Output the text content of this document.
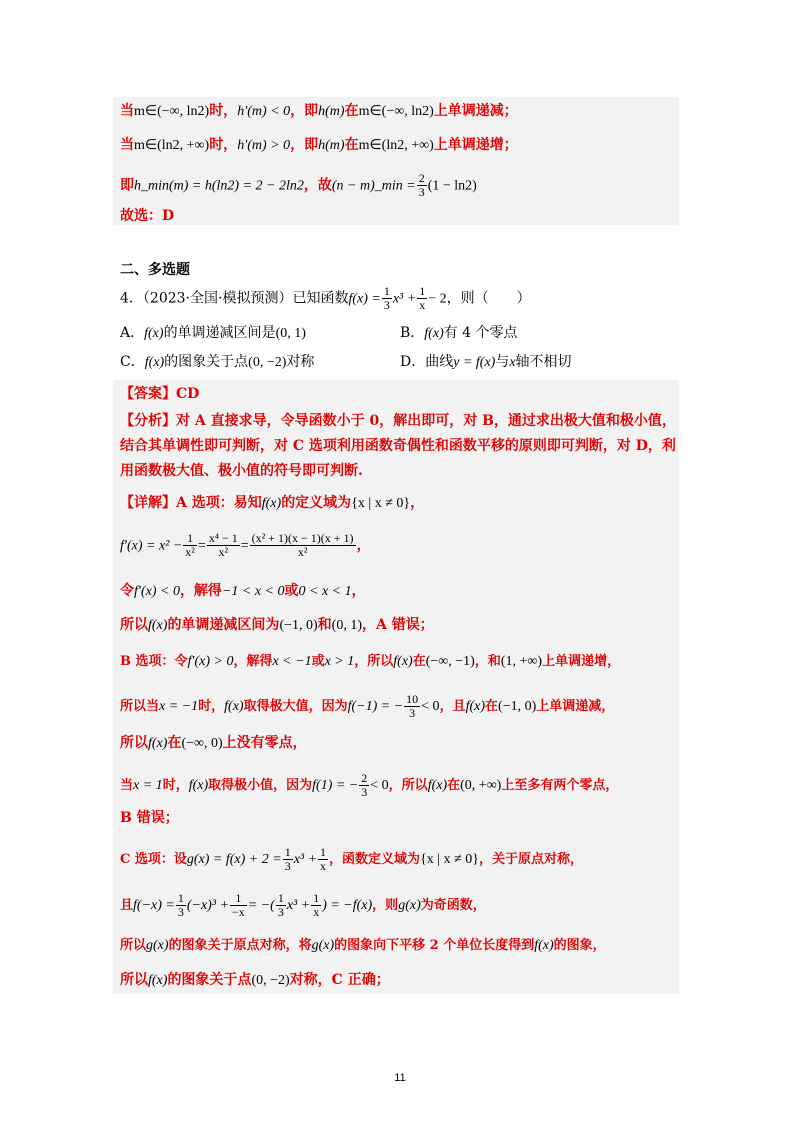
当m∈(−∞, ln2)时，h′(m) < 0，即h(m)在m∈(−∞, ln2)上单调递减；
当m∈(ln2, +∞)时，h′(m) > 0，即h(m)在m∈(ln2, +∞)上单调递增；
即h_min(m) = h(ln2) = 2 − 2ln2，故(n − m)_min = $\frac{2}{3} (1 - \ln 2)$
故选：D
二、多选题
4．（2023·全国·模拟预测）已知函数$f(x) = \frac{1}{3} x^3 + \frac{1}{x} - 2$，则（　　）
A．f(x)的单调递减区间是(0, 1)	B．f(x)有 4 个零点
C．f(x)的图象关于点(0, −2)对称	D．曲线y = f(x)与x轴不相切
【答案】CD
【分析】对 A 直接求导，令导函数小于 0，解出即可，对 B，通过求出极大值和极小值，
结合其单调性即可判断，对 C 选项利用函数奇偶性和函数平移的原则即可判断，对 D，利
用函数极大值、极小值的符号即可判断.
【详解】A 选项：易知f(x)的定义域为{x | x ≠ 0}，
$f'(x) = x^2 - \frac{1}{\text{x²}} = \frac{\text{x⁴ − 1}}{\text{x²}} = \frac{\text{(x² + 1)(x − 1)(x + 1)}}{\text{x²}}$ ，
令f′(x) < 0，解得−1 < x < 0或0 < x < 1，
所以f(x)的单调递减区间为(−1, 0)和(0, 1)，A 错误；
B 选项：令f′(x) > 0，解得x < −1或x > 1，所以f(x)在(−∞, −1)，和(1, +∞)上单调递增，
所以当x = −1时，f(x)取得极大值，因为f(−1) = − $\frac{10}{3} < 0$，且f(x)在(−1, 0)上单调递减，
所以f(x)在(−∞, 0)上没有零点，
当x = 1时，f(x)取得极小值，因为f(1) = − $\frac{2}{3} < 0$，所以f(x)在(0, +∞)上至多有两个零点，
B 错误；
C 选项：设$g(x) = f(x) + 2 = \frac{1}{3} x^3 + \frac{1}{x}$ ，函数定义域为{x | x ≠ 0}，关于原点对称，
且$f(-x) = \frac{1}{3} (-x)^3 + \frac{1}{-x}$ = −( $\frac{1}{3} x^3 + \frac{1}{x}$ ) = −f(x)，则g(x)为奇函数，
所以g(x)的图象关于原点对称，将g(x)的图象向下平移 2 个单位长度得到f(x)的图象，
所以f(x)的图象关于点(0, −2)对称，C 正确；
11
